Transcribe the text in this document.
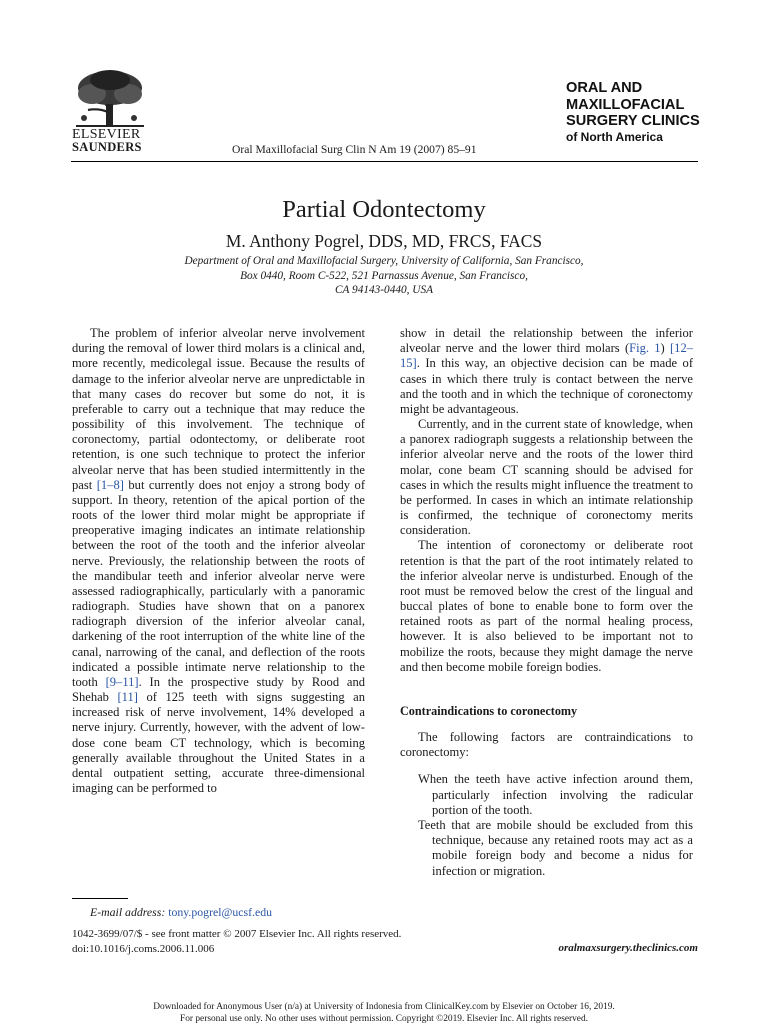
ELSEVIER
SAUNDERS	Oral Maxillofacial Surg Clin N Am 19 (2007) 85–91
ORAL AND
MAXILLOFACIAL
SURGERY CLINICS
of North America
Partial Odontectomy
M. Anthony Pogrel, DDS, MD, FRCS, FACS
Department of Oral and Maxillofacial Surgery, University of California, San Francisco,
Box 0440, Room C-522, 521 Parnassus Avenue, San Francisco,
CA 94143-0440, USA

The problem of inferior alveolar nerve involvement during the removal of lower third molars is a clinical and, more recently, medicolegal issue. Because the results of damage to the inferior alveolar nerve are unpredictable in that many cases do recover but some do not, it is preferable to carry out a technique that may reduce the possibility of this involvement. The technique of coronectomy, partial odontectomy, or deliberate root retention, is one such technique to protect the inferior alveolar nerve that has been studied intermittently in the past [1–8] but currently does not enjoy a strong body of support. In theory, retention of the apical portion of the roots of the lower third molar might be appropriate if preoperative imaging indicates an intimate relationship between the root of the tooth and the inferior alveolar nerve. Previously, the relationship between the roots of the mandibular teeth and inferior alveolar nerve were assessed radiographically, particularly with a panoramic radiograph. Studies have shown that on a panorex radiograph diversion of the inferior alveolar canal, darkening of the root interruption of the white line of the canal, narrowing of the canal, and deflection of the roots indicated a possible intimate nerve relationship to the tooth [9–11]. In the prospective study by Rood and Shehab [11] of 125 teeth with signs suggesting an increased risk of nerve involvement, 14% developed a nerve injury. Currently, however, with the advent of low-dose cone beam CT technology, which is becoming generally available throughout the United States in a dental outpatient setting, accurate three-dimensional imaging can be performed to

show in detail the relationship between the inferior alveolar nerve and the lower third molars (Fig. 1) [12–15]. In this way, an objective decision can be made of cases in which there truly is contact between the nerve and the tooth and in which the technique of coronectomy might be advantageous.

Currently, and in the current state of knowledge, when a panorex radiograph suggests a relationship between the inferior alveolar nerve and the roots of the lower third molar, cone beam CT scanning should be advised for cases in which the results might influence the treatment to be performed. In cases in which an intimate relationship is confirmed, the technique of coronectomy merits consideration.

The intention of coronectomy or deliberate root retention is that the part of the root intimately related to the inferior alveolar nerve is undisturbed. Enough of the root must be removed below the crest of the lingual and buccal plates of bone to enable bone to form over the retained roots as part of the normal healing process, however. It is also believed to be important not to mobilize the roots, because they might damage the nerve and then become mobile foreign bodies.

Contraindications to coronectomy

The following factors are contraindications to coronectomy:

When the teeth have active infection around them, particularly infection involving the radicular portion of the tooth.

Teeth that are mobile should be excluded from this technique, because any retained roots may act as a mobile foreign body and become a nidus for infection or migration.

E-mail address: tony.pogrel@ucsf.edu
1042-3699/07/$ - see front matter © 2007 Elsevier Inc. All rights reserved.
doi:10.1016/j.coms.2006.11.006	oralmaxsurgery.theclinics.com
Downloaded for Anonymous User (n/a) at University of Indonesia from ClinicalKey.com by Elsevier on October 16, 2019.
For personal use only. No other uses without permission. Copyright ©2019. Elsevier Inc. All rights reserved.
